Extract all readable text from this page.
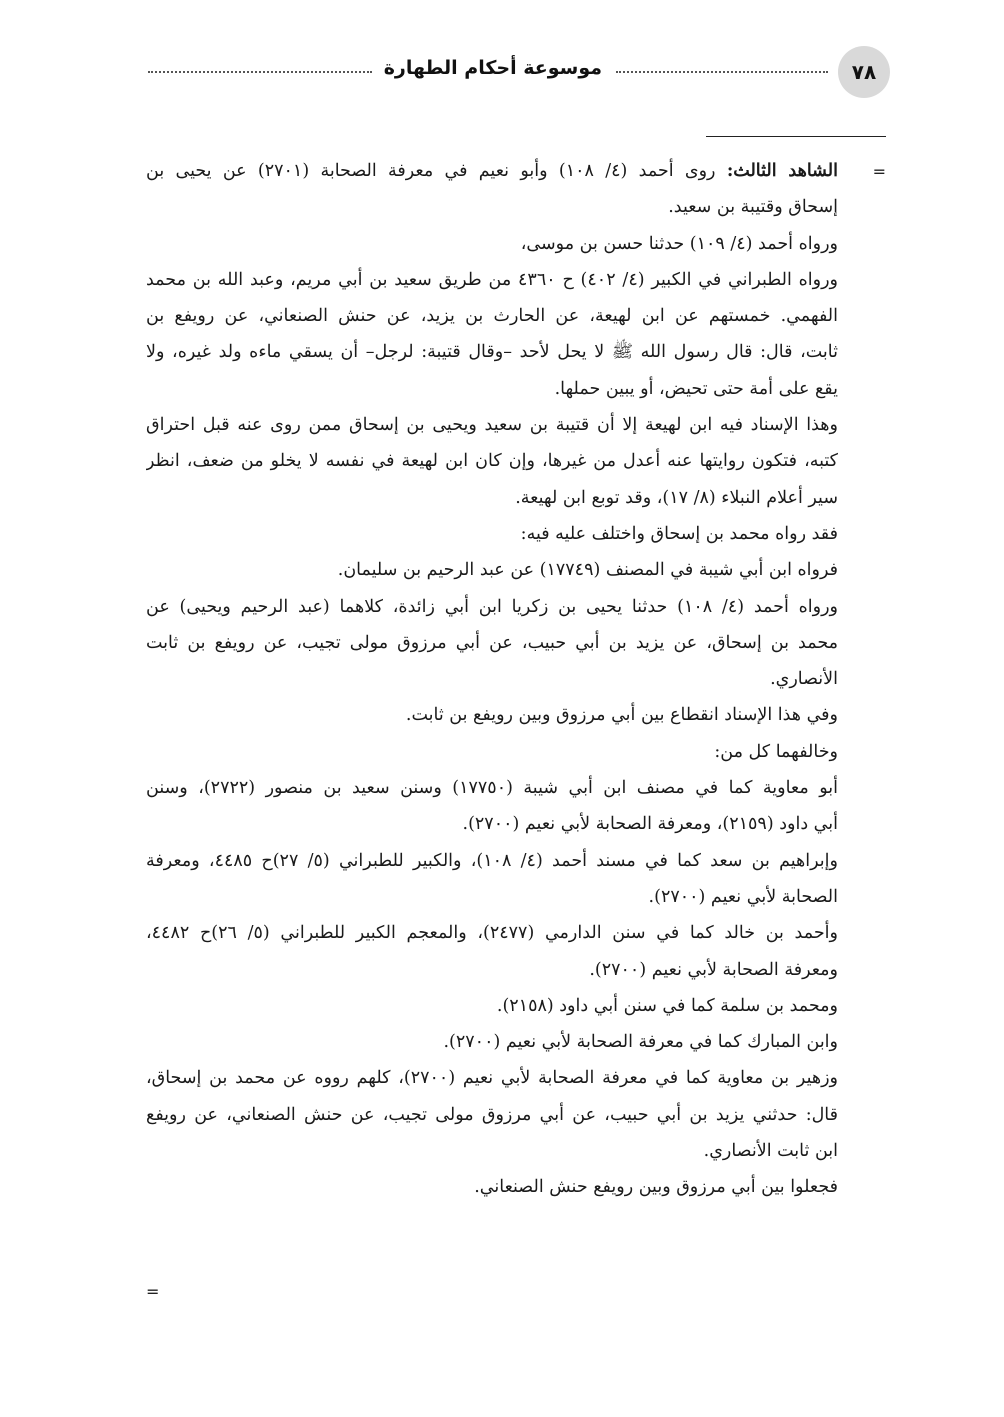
٧٨
موسوعة أحكام الطهارة
=
الشاهد الثالث: روى أحمد (٤/ ١٠٨) وأبو نعيم في معرفة الصحابة (٢٧٠١) عن يحيى بن
إسحاق وقتيبة بن سعيد.
ورواه أحمد (٤/ ١٠٩) حدثنا حسن بن موسى،
ورواه الطبراني في الكبير (٤/ ٤٠٢) ح ٤٣٦٠ من طريق سعيد بن أبي مريم، وعبد الله بن محمد
الفهمي. خمستهم عن ابن لهيعة، عن الحارث بن يزيد، عن حنش الصنعاني، عن رويفع بن
ثابت، قال: قال رسول الله ﷺ لا يحل لأحد –وقال قتيبة: لرجل– أن يسقي ماءه ولد غيره، ولا
يقع على أمة حتى تحيض، أو يبين حملها.
وهذا الإسناد فيه ابن لهيعة إلا أن قتيبة بن سعيد ويحيى بن إسحاق ممن روى عنه قبل احتراق
كتبه، فتكون روايتها عنه أعدل من غيرها، وإن كان ابن لهيعة في نفسه لا يخلو من ضعف، انظر
سير أعلام النبلاء (٨/ ١٧)، وقد توبع ابن لهيعة.
فقد رواه محمد بن إسحاق واختلف عليه فيه:
فرواه ابن أبي شيبة في المصنف (١٧٧٤٩) عن عبد الرحيم بن سليمان.
ورواه أحمد (٤/ ١٠٨) حدثنا يحيى بن زكريا ابن أبي زائدة، كلاهما (عبد الرحيم ويحيى) عن
محمد بن إسحاق، عن يزيد بن أبي حبيب، عن أبي مرزوق مولى تجيب، عن رويفع بن ثابت
الأنصاري.
وفي هذا الإسناد انقطاع بين أبي مرزوق وبين رويفع بن ثابت.
وخالفهما كل من:
أبو معاوية كما في مصنف ابن أبي شيبة (١٧٧٥٠) وسنن سعيد بن منصور (٢٧٢٢)، وسنن
أبي داود (٢١٥٩)، ومعرفة الصحابة لأبي نعيم (٢٧٠٠).
وإبراهيم بن سعد كما في مسند أحمد (٤/ ١٠٨)، والكبير للطبراني (٥/ ٢٧)ح ٤٤٨٥، ومعرفة
الصحابة لأبي نعيم (٢٧٠٠).
وأحمد بن خالد كما في سنن الدارمي (٢٤٧٧)، والمعجم الكبير للطبراني (٥/ ٢٦)ح ٤٤٨٢،
ومعرفة الصحابة لأبي نعيم (٢٧٠٠).
ومحمد بن سلمة كما في سنن أبي داود (٢١٥٨).
وابن المبارك كما في معرفة الصحابة لأبي نعيم (٢٧٠٠).
وزهير بن معاوية كما في معرفة الصحابة لأبي نعيم (٢٧٠٠)، كلهم رووه عن محمد بن إسحاق،
قال: حدثني يزيد بن أبي حبيب، عن أبي مرزوق مولى تجيب، عن حنش الصنعاني، عن رويفع
ابن ثابت الأنصاري.
فجعلوا بين أبي مرزوق وبين رويفع حنش الصنعاني.
=
